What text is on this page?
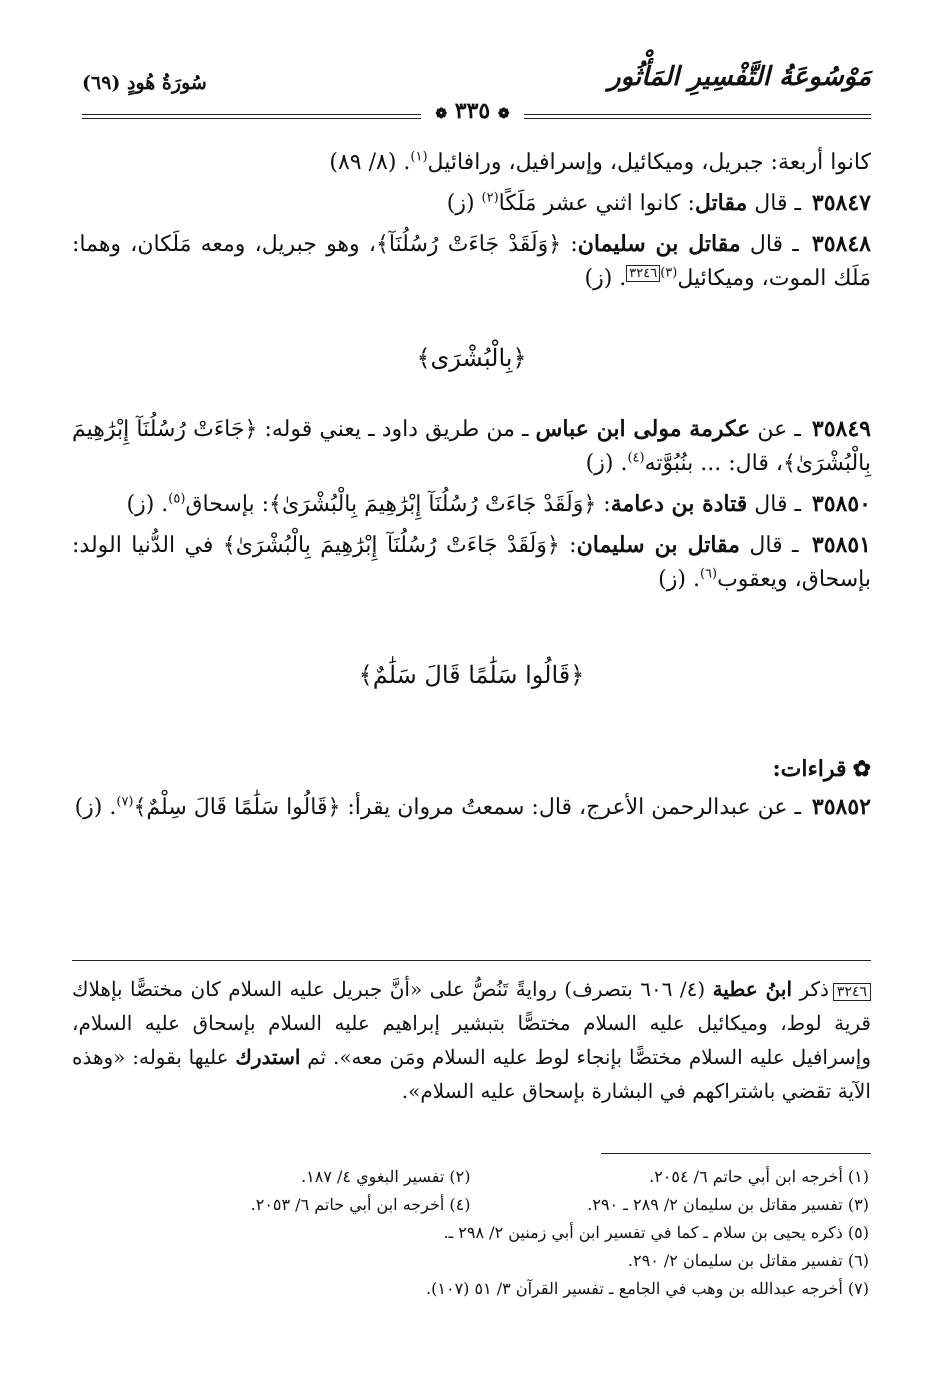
مَوْسُوعَةُ التَّفْسِيرِ المَأْثُور
سُورَةُ هُودٍ (٦٩)
❁ ٣٣٥ ❁

كانوا أربعة: جبريل، وميكائيل، وإسرافيل، ورافائيل$^{(١)}$. (٨/ ٨٩)

٣٥٨٤٧ ـ قال مقاتل: كانوا اثني عشر مَلَكًا$^{(٢)}$ (ز)

٣٥٨٤٨ ـ قال مقاتل بن سليمان: ﴿وَلَقَدْ جَاءَتْ رُسُلُنَآ﴾، وهو جبريل، ومعه مَلَكان، وهما: مَلَك الموت، وميكائيل$^{(٣)٣٢٤٦}$. (ز)

﴿بِالْبُشْرَى﴾

٣٥٨٤٩ ـ عن عكرمة مولى ابن عباس ـ من طريق داود ـ يعني قوله: ﴿جَاءَتْ رُسُلُنَآ إِبْرَٰهِيمَ بِالْبُشْرَىٰ﴾، قال: ... بنُبُوَّته$^{(٤)}$. (ز)

٣٥٨٥٠ ـ قال قتادة بن دعامة: ﴿وَلَقَدْ جَاءَتْ رُسُلُنَآ إِبْرَٰهِيمَ بِالْبُشْرَىٰ﴾: بإسحاق$^{(٥)}$. (ز)

٣٥٨٥١ ـ قال مقاتل بن سليمان: ﴿وَلَقَدْ جَاءَتْ رُسُلُنَآ إِبْرَٰهِيمَ بِالْبُشْرَىٰ﴾ في الدُّنيا الولد: بإسحاق، ويعقوب$^{(٦)}$. (ز)

﴿قَالُوا سَلَٰمًا قَالَ سَلَٰمٌ﴾
✿قراءات:

٣٥٨٥٢ ـ عن عبدالرحمن الأعرج، قال: سمعتُ مروان يقرأ: ﴿قَالُوا سَلَٰمًا قَالَ سِلْمٌ﴾$^{(٧)}$. (ز)

٣٢٤٦ذكر ابنُ عطية (٤/ ٦٠٦ بتصرف) روايةً تَنُصُّ على «أنَّ جبريل عليه السلام كان مختصًّا بإهلاك قرية لوط، وميكائيل عليه السلام مختصًّا بتبشير إبراهيم عليه السلام بإسحاق عليه السلام، وإسرافيل عليه السلام مختصًّا بإنجاء لوط عليه السلام ومَن معه». ثم استدرك عليها بقوله: «وهذه الآية تقضي باشتراكهم في البشارة بإسحاق عليه السلام».
(١) أخرجه ابن أبي حاتم ٦/ ٢٠٥٤.
(٢) تفسير البغوي ٤/ ١٨٧.
(٣) تفسير مقاتل بن سليمان ٢/ ٢٨٩ ـ ٢٩٠.
(٤) أخرجه ابن أبي حاتم ٦/ ٢٠٥٣.
(٥) ذكره يحيى بن سلام ـ كما في تفسير ابن أبي زمنين ٢/ ٢٩٨ ـ.
(٦) تفسير مقاتل بن سليمان ٢/ ٢٩٠.
(٧) أخرجه عبدالله بن وهب في الجامع ـ تفسير القرآن ٣/ ٥١ (١٠٧).
